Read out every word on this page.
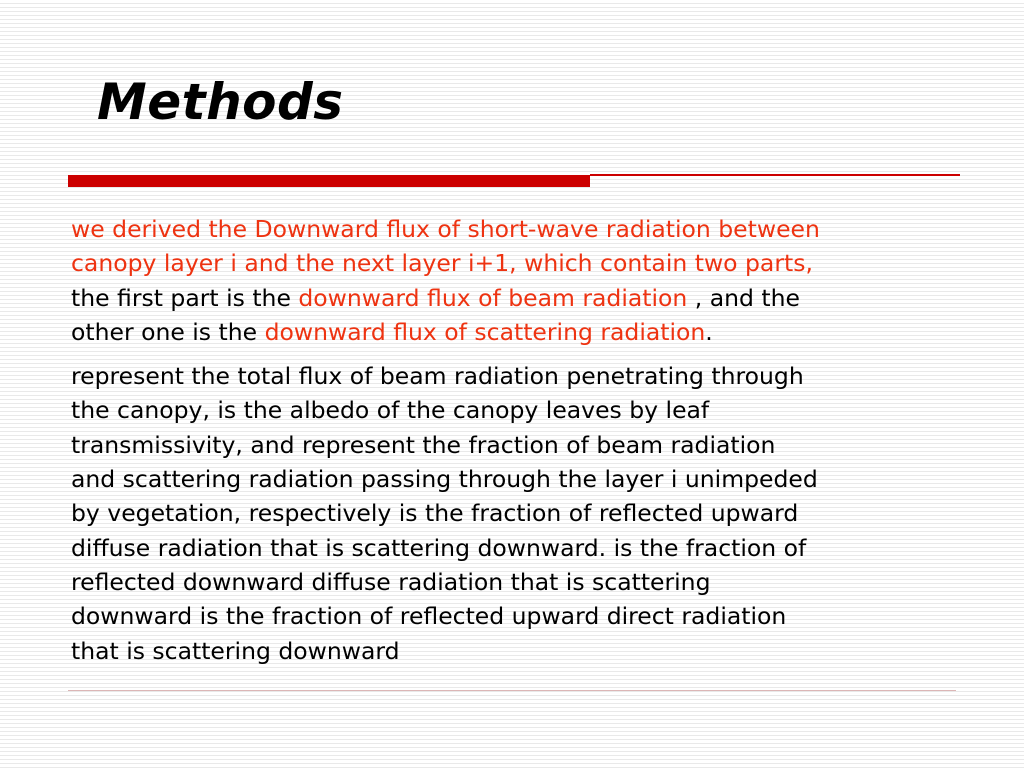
Methods

we derived the Downward flux of short-wave radiation between
canopy layer i and the next layer i+1, which contain two parts,
the first part is the downward flux of beam radiation , and the
other one is the downward flux of scattering radiation.

represent the total flux of beam radiation penetrating through
the canopy, is the albedo of the canopy leaves by leaf
transmissivity, and represent the fraction of beam radiation
and scattering radiation passing through the layer i unimpeded
by vegetation, respectively is the fraction of reflected upward
diffuse radiation that is scattering downward. is the fraction of
reflected downward diffuse radiation that is scattering
downward is the fraction of reflected upward direct radiation
that is scattering downward
